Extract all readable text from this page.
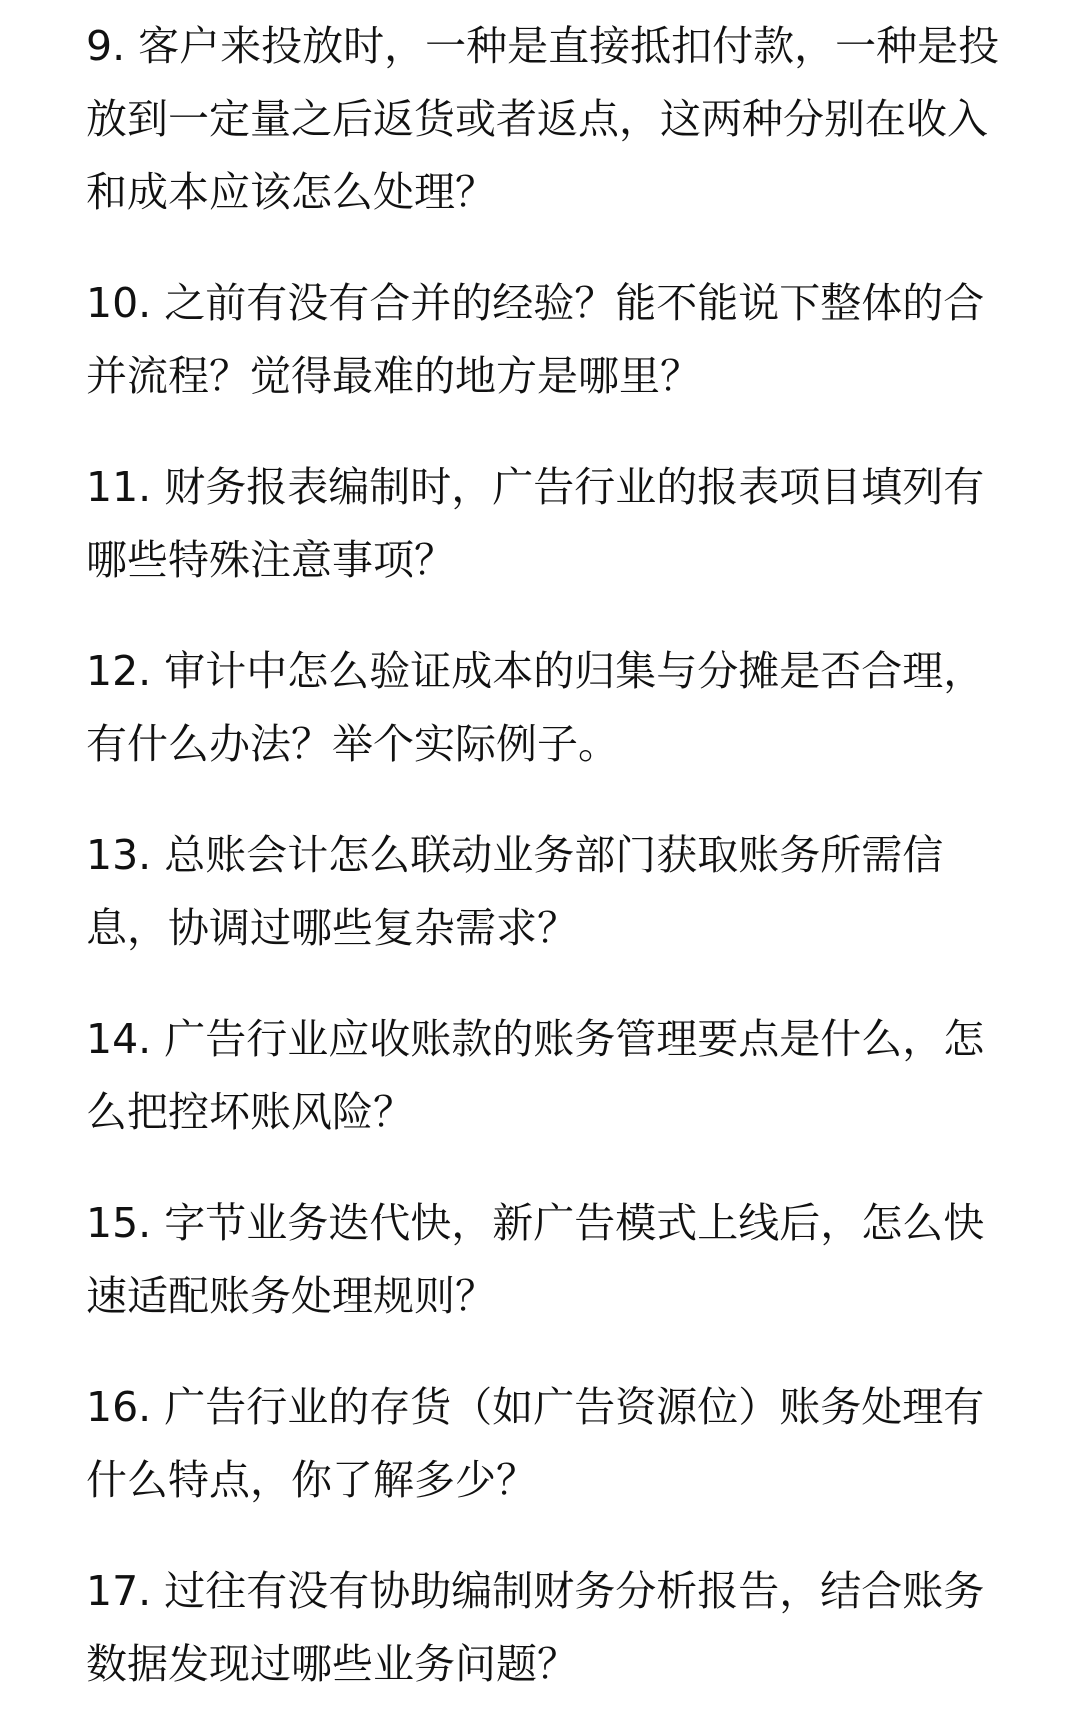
9. 客户来投放时，一种是直接抵扣付款，一种是投放到一定量之后返货或者返点，这两种分别在收入和成本应该怎么处理？

10. 之前有没有合并的经验？能不能说下整体的合并流程？觉得最难的地方是哪里？

11. 财务报表编制时，广告行业的报表项目填列有哪些特殊注意事项？

12. 审计中怎么验证成本的归集与分摊是否合理，有什么办法？举个实际例子。

13. 总账会计怎么联动业务部门获取账务所需信息，协调过哪些复杂需求？

14. 广告行业应收账款的账务管理要点是什么，怎么把控坏账风险？

15. 字节业务迭代快，新广告模式上线后，怎么快速适配账务处理规则？

16. 广告行业的存货（如广告资源位）账务处理有什么特点，你了解多少？

17. 过往有没有协助编制财务分析报告，结合账务数据发现过哪些业务问题？
